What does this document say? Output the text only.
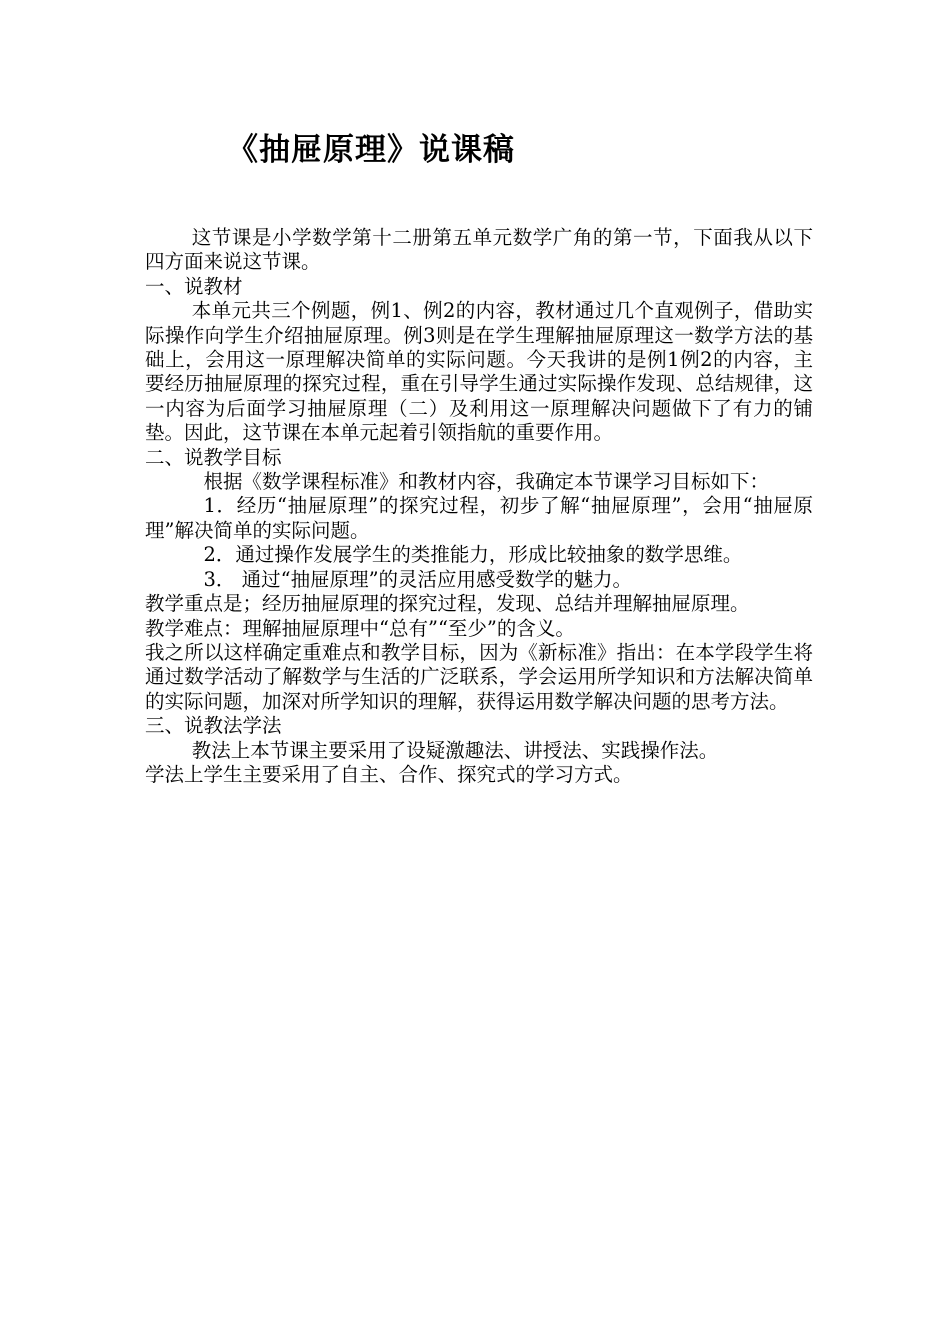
《抽屉原理》说课稿

这节课是小学数学第十二册第五单元数学广角的第一节，下面我从以下四方面来说这节课。

一、说教材

本单元共三个例题，例1、例2的内容，教材通过几个直观例子，借助实际操作向学生介绍抽屉原理。例3则是在学生理解抽屉原理这一数学方法的基础上，会用这一原理解决简单的实际问题。今天我讲的是例1例2的内容，主要经历抽屉原理的探究过程，重在引导学生通过实际操作发现、总结规律，这一内容为后面学习抽屉原理（二）及利用这一原理解决问题做下了有力的铺垫。因此，这节课在本单元起着引领指航的重要作用。

二、说教学目标

根据《数学课程标准》和教材内容，我确定本节课学习目标如下：

1．经历“抽屉原理”的探究过程，初步了解“抽屉原理”，会用“抽屉原理”解决简单的实际问题。

2．通过操作发展学生的类推能力，形成比较抽象的数学思维。

3． 通过“抽屉原理”的灵活应用感受数学的魅力。

教学重点是；经历抽屉原理的探究过程，发现、总结并理解抽屉原理。

教学难点：理解抽屉原理中“总有”“至少”的含义。

我之所以这样确定重难点和教学目标，因为《新标准》指出：在本学段学生将通过数学活动了解数学与生活的广泛联系，学会运用所学知识和方法解决简单的实际问题，加深对所学知识的理解，获得运用数学解决问题的思考方法。

三、说教法学法

教法上本节课主要采用了设疑激趣法、讲授法、实践操作法。

学法上学生主要采用了自主、合作、探究式的学习方式。
